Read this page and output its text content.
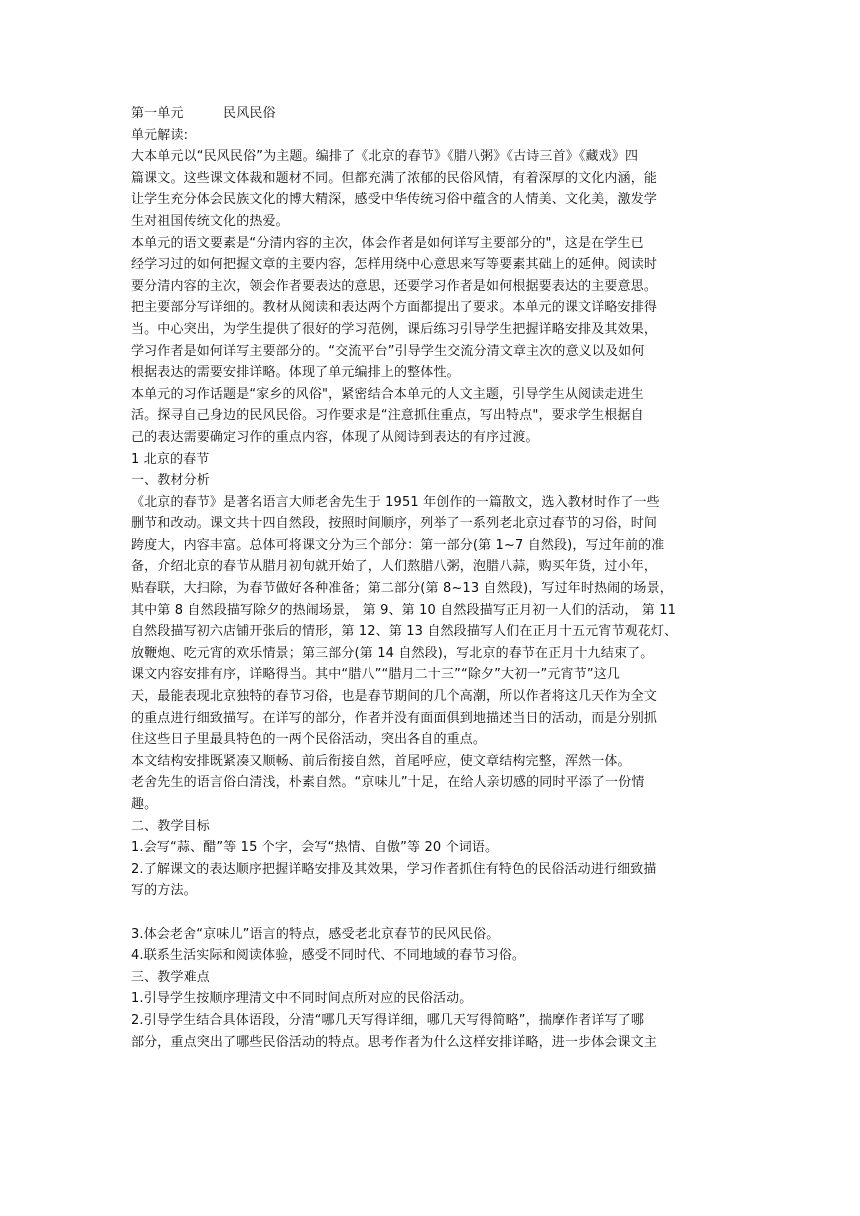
第一单元　　　民风民俗
单元解读:
大本单元以“民风民俗”为主题。编排了《北京的春节》《腊八粥》《古诗三首》《藏戏》四
篇课文。这些课文体裁和题材不同。但都充满了浓郁的民俗风情，有着深厚的文化内涵，能
让学生充分体会民族文化的博大精深，感受中华传统习俗中蕴含的人情美、文化美，激发学
生对祖国传统文化的热爱。
本单元的语文要素是“分清内容的主次，体会作者是如何详写主要部分的"，这是在学生已
经学习过的如何把握文章的主要内容，怎样用绕中心意思来写等要素其础上的延伸。阅读时
要分清内容的主次，领会作者要表达的意思，还要学习作者是如何根据要表达的主要意思。
把主要部分写详细的。教材从阅读和表达两个方面都提出了要求。本单元的课文详略安排得
当。中心突出，为学生提供了很好的学习范例，课后练习引导学生把握详略安排及其效果，
学习作者是如何详写主要部分的。“交流平台”引导学生交流分清文章主次的意义以及如何
根据表达的需要安排详略。体现了单元编排上的整体性。
本单元的习作话题是“家乡的风俗"，紧密结合本单元的人文主题，引导学生从阅读走进生
活。探寻自己身边的民风民俗。习作要求是“注意抓住重点，写出特点"，要求学生根据自
己的表达需要确定习作的重点内容，体现了从阅诗到表达的有序过渡。
1 北京的春节
一、教材分析
《北京的春节》是著名语言大师老舍先生于 1951 年创作的一篇散文，选入教材时作了一些
删节和改动。课文共十四自然段，按照时间顺序，列举了一系列老北京过春节的习俗，时间
跨度大，内容丰富。总体可将课文分为三个部分：第一部分(第 1~7 自然段)，写过年前的准
备，介绍北京的春节从腊月初旬就开始了，人们熬腊八粥，泡腊八蒜，购买年货，过小年，
贴春联，大扫除，为春节做好各种准备；第二部分(第 8~13 自然段)，写过年时热闹的场景，
其中第 8 自然段描写除夕的热闹场景， 第 9、第 10 自然段描写正月初一人们的活动， 第 11
自然段描写初六店铺开张后的情形，第 12、第 13 自然段描写人们在正月十五元宵节观花灯、
放鞭炮、吃元宵的欢乐情景；第三部分(第 14 自然段)，写北京的春节在正月十九结束了。
课文内容安排有序，详略得当。其中“腊八”“腊月二十三”“除夕”大初一”元宵节”这几
天，最能表现北京独特的春节习俗，也是春节期间的几个高潮，所以作者将这几天作为全文
的重点进行细致描写。在详写的部分，作者并没有面面俱到地描述当日的活动，而是分别抓
住这些日子里最具特色的一两个民俗活动，突出各自的重点。
本文结构安排既紧凑又顺畅、前后衔接自然，首尾呼应，使文章结构完整，浑然一体。
老舍先生的语言俗白清浅，朴素自然。“京味儿”十足，在给人亲切感的同时平添了一份情
趣。
二、教学目标
1.会写“蒜、醋”等 15 个字，会写“热情、自傲”等 20 个词语。
2.了解课文的表达顺序把握详略安排及其效果，学习作者抓住有特色的民俗活动进行细致描
写的方法。
3.体会老舍“京味儿”语言的特点，感受老北京春节的民风民俗。
4.联系生活实际和阅读体验，感受不同时代、不同地域的春节习俗。
三、教学难点
1.引导学生按顺序理清文中不同时间点所对应的民俗活动。
2.引导学生结合具体语段，分清“哪几天写得详细，哪几天写得简略”，揣摩作者详写了哪
部分，重点突出了哪些民俗活动的特点。思考作者为什么这样安排详略，进一步体会课文主
